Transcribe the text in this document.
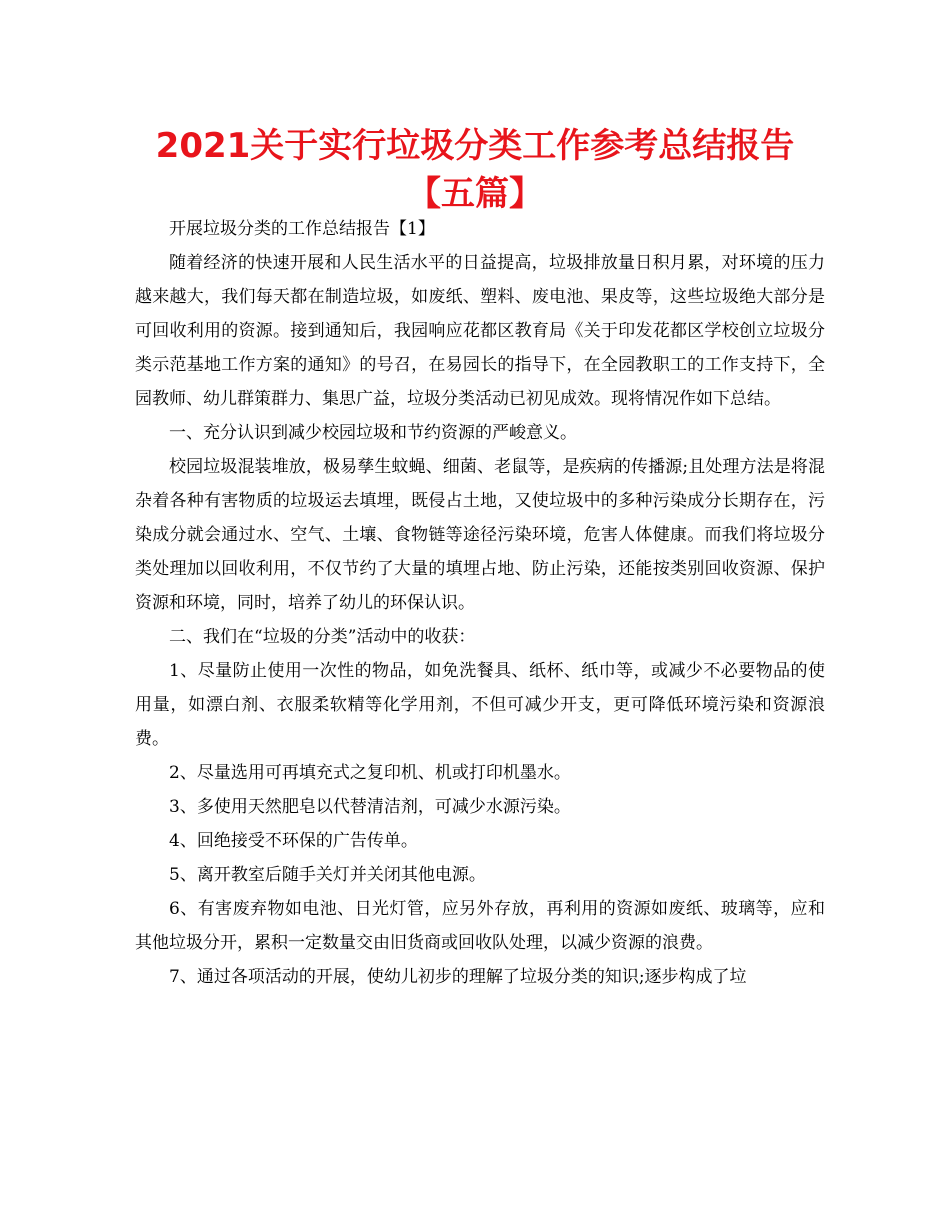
2021关于实行垃圾分类工作参考总结报告【五篇】

开展垃圾分类的工作总结报告【1】

随着经济的快速开展和人民生活水平的日益提高，垃圾排放量日积月累，对环境的压力越来越大，我们每天都在制造垃圾，如废纸、塑料、废电池、果皮等，这些垃圾绝大部分是可回收利用的资源。接到通知后，我园响应花都区教育局《关于印发花都区学校创立垃圾分类示范基地工作方案的通知》的号召，在易园长的指导下，在全园教职工的工作支持下，全园教师、幼儿群策群力、集思广益，垃圾分类活动已初见成效。现将情况作如下总结。

一、充分认识到减少校园垃圾和节约资源的严峻意义。

校园垃圾混装堆放，极易孳生蚊蝇、细菌、老鼠等，是疾病的传播源;且处理方法是将混杂着各种有害物质的垃圾运去填埋，既侵占土地，又使垃圾中的多种污染成分长期存在，污染成分就会通过水、空气、土壤、食物链等途径污染环境，危害人体健康。而我们将垃圾分类处理加以回收利用，不仅节约了大量的填埋占地、防止污染，还能按类别回收资源、保护资源和环境，同时，培养了幼儿的环保认识。

二、我们在“垃圾的分类”活动中的收获：

1、尽量防止使用一次性的物品，如免洗餐具、纸杯、纸巾等，或减少不必要物品的使用量，如漂白剂、衣服柔软精等化学用剂，不但可减少开支，更可降低环境污染和资源浪费。

2、尽量选用可再填充式之复印机、机或打印机墨水。

3、多使用天然肥皂以代替清洁剂，可减少水源污染。

4、回绝接受不环保的广告传单。

5、离开教室后随手关灯并关闭其他电源。

6、有害废弃物如电池、日光灯管，应另外存放，再利用的资源如废纸、玻璃等，应和其他垃圾分开，累积一定数量交由旧货商或回收队处理，以减少资源的浪费。

7、通过各项活动的开展，使幼儿初步的理解了垃圾分类的知识;逐步构成了垃
